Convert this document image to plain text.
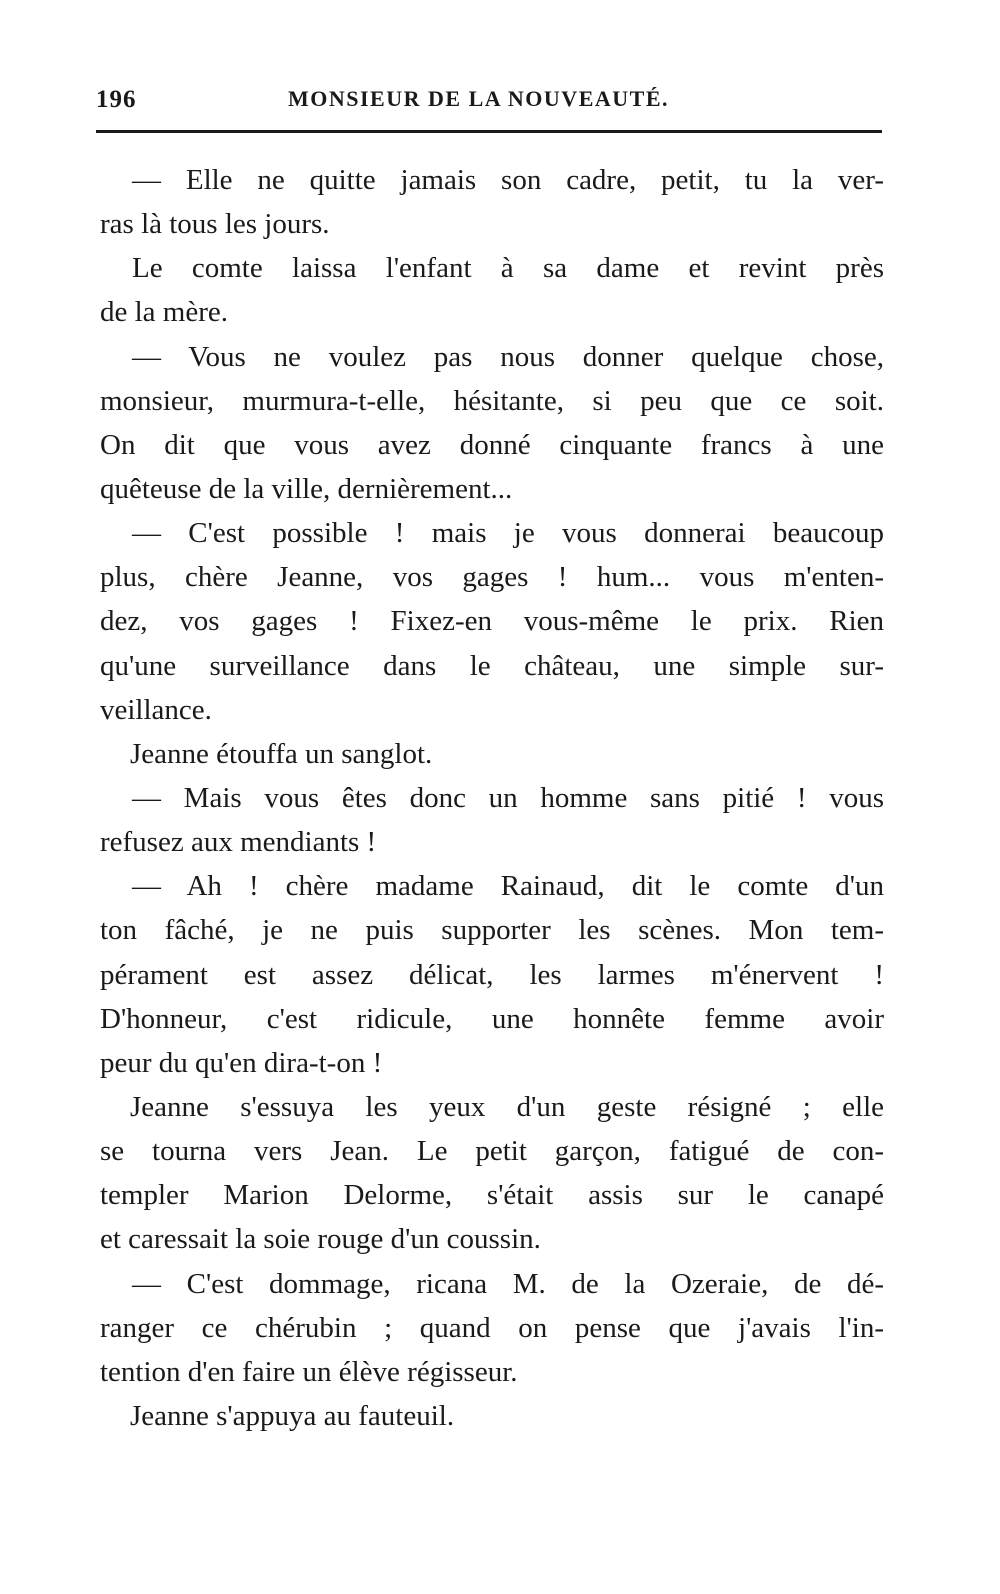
196	MONSIEUR DE LA NOUVEAUTÉ.
— Elle ne quitte jamais son cadre, petit, tu la ver-
ras là tous les jours.
Le comte laissa l'enfant à sa dame et revint près
de la mère.
— Vous ne voulez pas nous donner quelque chose,
monsieur, murmura-t-elle, hésitante, si peu que ce soit.
On dit que vous avez donné cinquante francs à une
quêteuse de la ville, dernièrement...
— C'est possible ! mais je vous donnerai beaucoup
plus, chère Jeanne, vos gages ! hum... vous m'enten-
dez, vos gages ! Fixez-en vous-même le prix. Rien
qu'une surveillance dans le château, une simple sur-
veillance.
Jeanne étouffa un sanglot.
— Mais vous êtes donc un homme sans pitié ! vous
refusez aux mendiants !
— Ah ! chère madame Rainaud, dit le comte d'un
ton fâché, je ne puis supporter les scènes. Mon tem-
pérament est assez délicat, les larmes m'énervent !
D'honneur, c'est ridicule, une honnête femme avoir
peur du qu'en dira-t-on !
Jeanne s'essuya les yeux d'un geste résigné ; elle
se tourna vers Jean. Le petit garçon, fatigué de con-
templer Marion Delorme, s'était assis sur le canapé
et caressait la soie rouge d'un coussin.
— C'est dommage, ricana M. de la Ozeraie, de dé-
ranger ce chérubin ; quand on pense que j'avais l'in-
tention d'en faire un élève régisseur.
Jeanne s'appuya au fauteuil.
